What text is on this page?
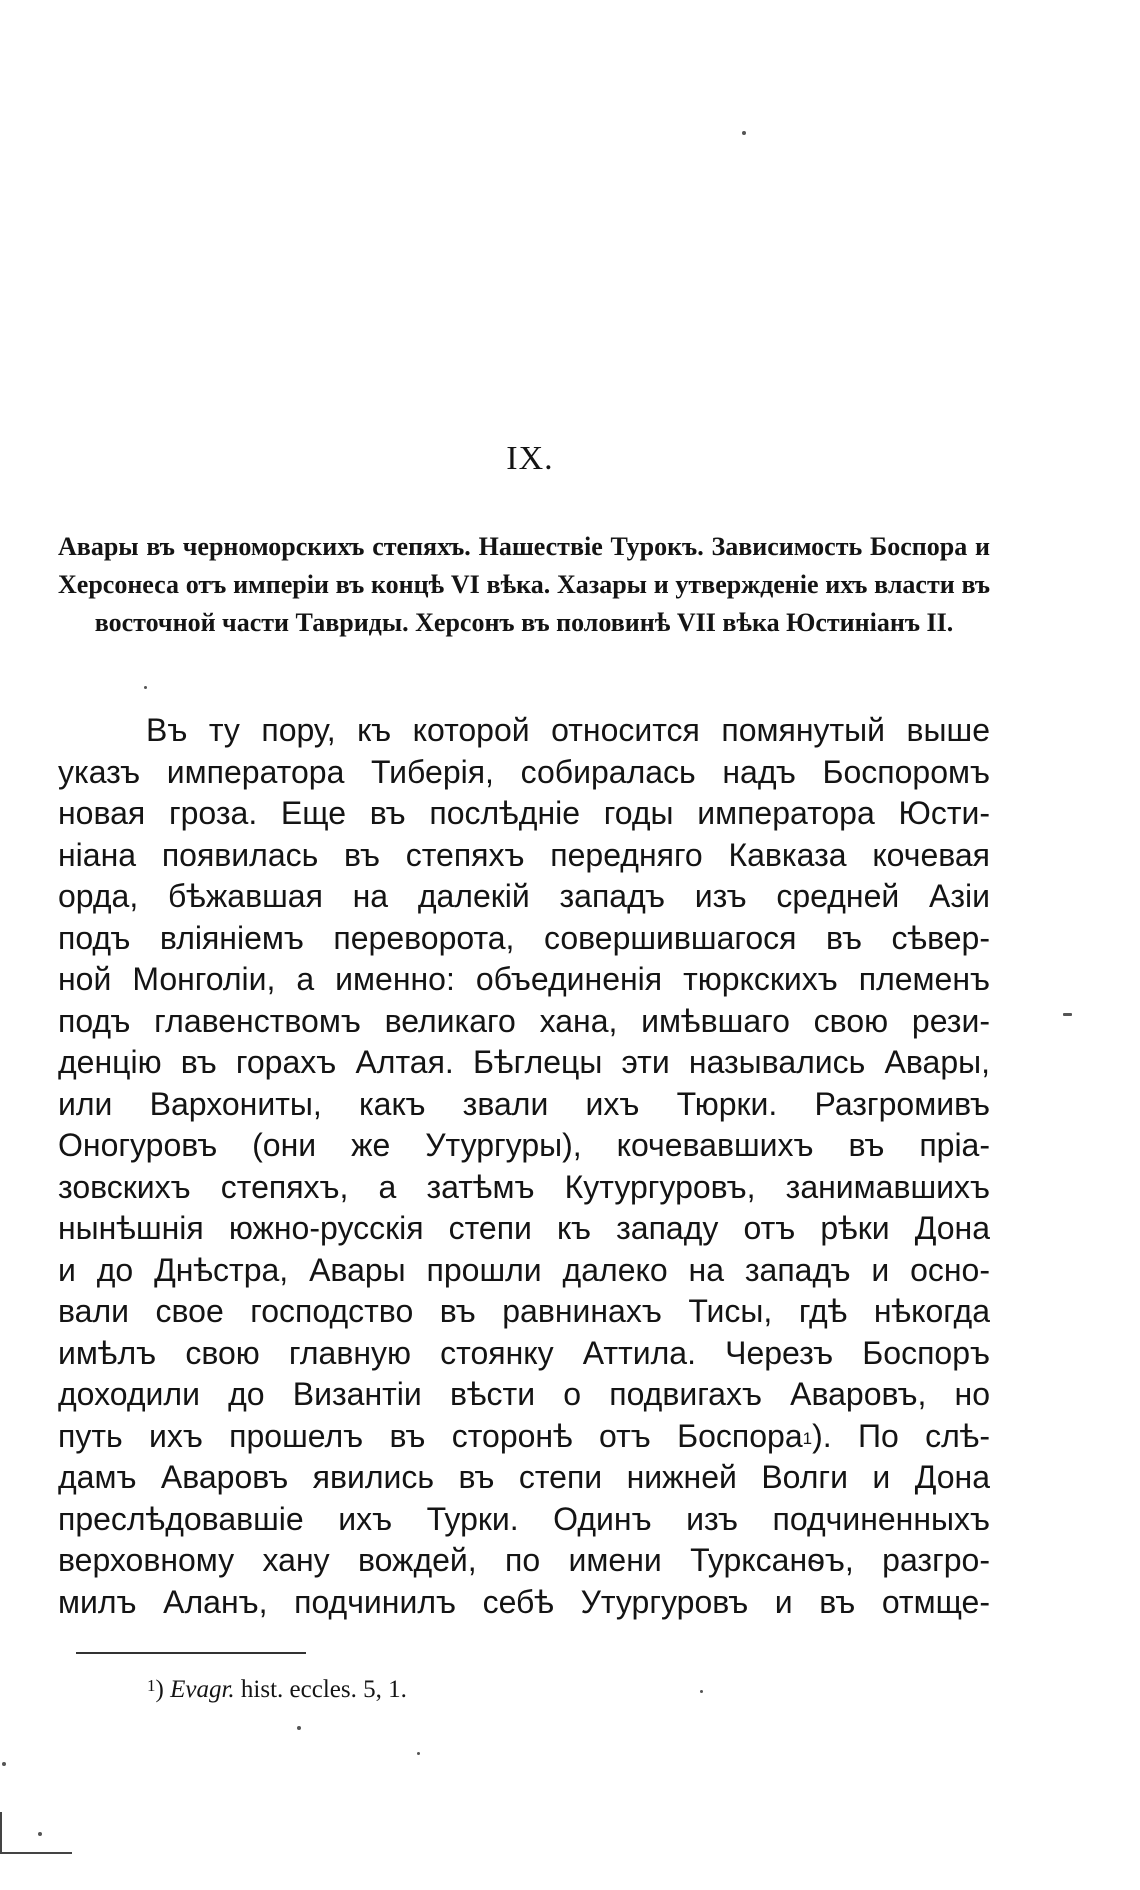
IX.
Авары въ черноморскихъ степяхъ. Нашествіе Турокъ. Зависимость Боспора и Херсонеса отъ имперіи въ концѣ VI вѣка. Хазары и утвержденіе ихъ власти въ восточной части Тавриды. Херсонъ въ половинѣ VII вѣка Юстиніанъ II.
Въ ту пору, къ которой относится помянутый выше
указъ императора Тиберія, собиралась надъ Боспоромъ
новая гроза. Еще въ послѣдніе годы императора Юсти-
ніана появилась въ степяхъ передняго Кавказа кочевая
орда, бѣжавшая на далекій западъ изъ средней Азіи
подъ вліяніемъ переворота, совершившагося въ сѣвер-
ной Монголіи, а именно: объединенія тюркскихъ племенъ
подъ главенствомъ великаго хана, имѣвшаго свою рези-
денцію въ горахъ Алтая. Бѣглецы эти назывались Авары,
или Вархониты, какъ звали ихъ Тюрки. Разгромивъ
Оногуровъ (они же Утургуры), кочевавшихъ въ пріа-
зовскихъ степяхъ, а затѣмъ Кутургуровъ, занимавшихъ
нынѣшнія южно-русскія степи къ западу отъ рѣки Дона
и до Днѣстра, Авары прошли далеко на западъ и осно-
вали свое господство въ равнинахъ Тисы, гдѣ нѣкогда
имѣлъ свою главную стоянку Аттила. Черезъ Боспоръ
доходили до Византіи вѣсти о подвигахъ Аваровъ, но
путь ихъ прошелъ въ сторонѣ отъ Боспора$^1$). По слѣ-
дамъ Аваровъ явились въ степи нижней Волги и Дона
преслѣдовавшіе ихъ Турки. Одинъ изъ подчиненныхъ
верховному хану вождей, по имени Турксанѳъ, разгро-
милъ Аланъ, подчинилъ себѣ Утургуровъ и въ отмще-
$^1$) Evagr. hist. eccles. 5, 1.
